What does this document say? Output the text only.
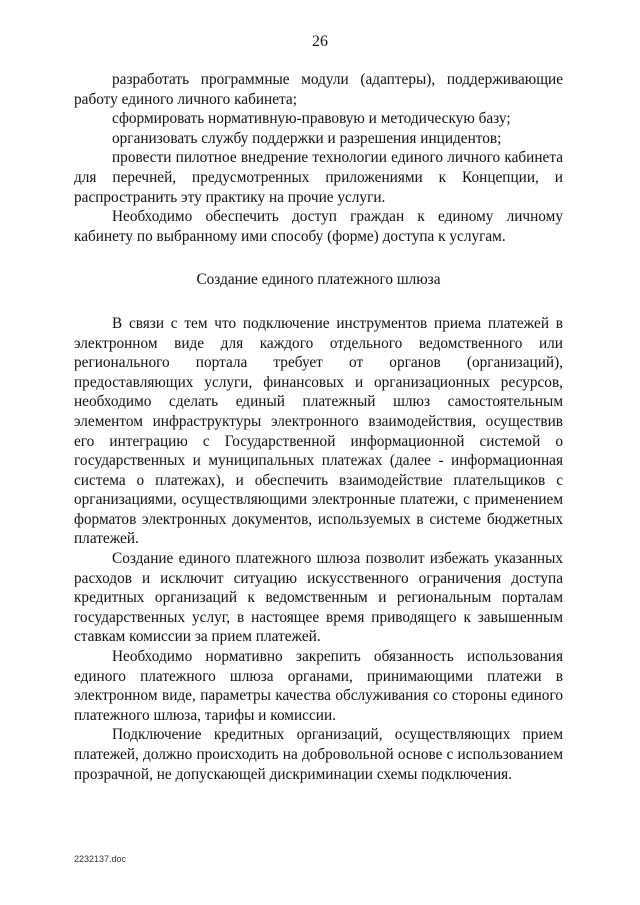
26

разработать программные модули (адаптеры), поддерживающие работу единого личного кабинета;

сформировать нормативную-правовую и методическую базу;

организовать службу поддержки и разрешения инцидентов;

провести пилотное внедрение технологии единого личного кабинета для перечней, предусмотренных приложениями к Концепции, и распространить эту практику на прочие услуги.

Необходимо обеспечить доступ граждан к единому личному кабинету по выбранному ими способу (форме) доступа к услугам.

Создание единого платежного шлюза

В связи с тем что подключение инструментов приема платежей в электронном виде для каждого отдельного ведомственного или регионального портала требует от органов (организаций), предоставляющих услуги, финансовых и организационных ресурсов, необходимо сделать единый платежный шлюз самостоятельным элементом инфраструктуры электронного взаимодействия, осуществив его интеграцию с Государственной информационной системой о государственных и муниципальных платежах (далее - информационная система о платежах), и обеспечить взаимодействие плательщиков с организациями, осуществляющими электронные платежи, с применением форматов электронных документов, используемых в системе бюджетных платежей.

Создание единого платежного шлюза позволит избежать указанных расходов и исключит ситуацию искусственного ограничения доступа кредитных организаций к ведомственным и региональным порталам государственных услуг, в настоящее время приводящего к завышенным ставкам комиссии за прием платежей.

Необходимо нормативно закрепить обязанность использования единого платежного шлюза органами, принимающими платежи в электронном виде, параметры качества обслуживания со стороны единого платежного шлюза, тарифы и комиссии.

Подключение кредитных организаций, осуществляющих прием платежей, должно происходить на добровольной основе с использованием прозрачной, не допускающей дискриминации схемы подключения.

2232137.doc
